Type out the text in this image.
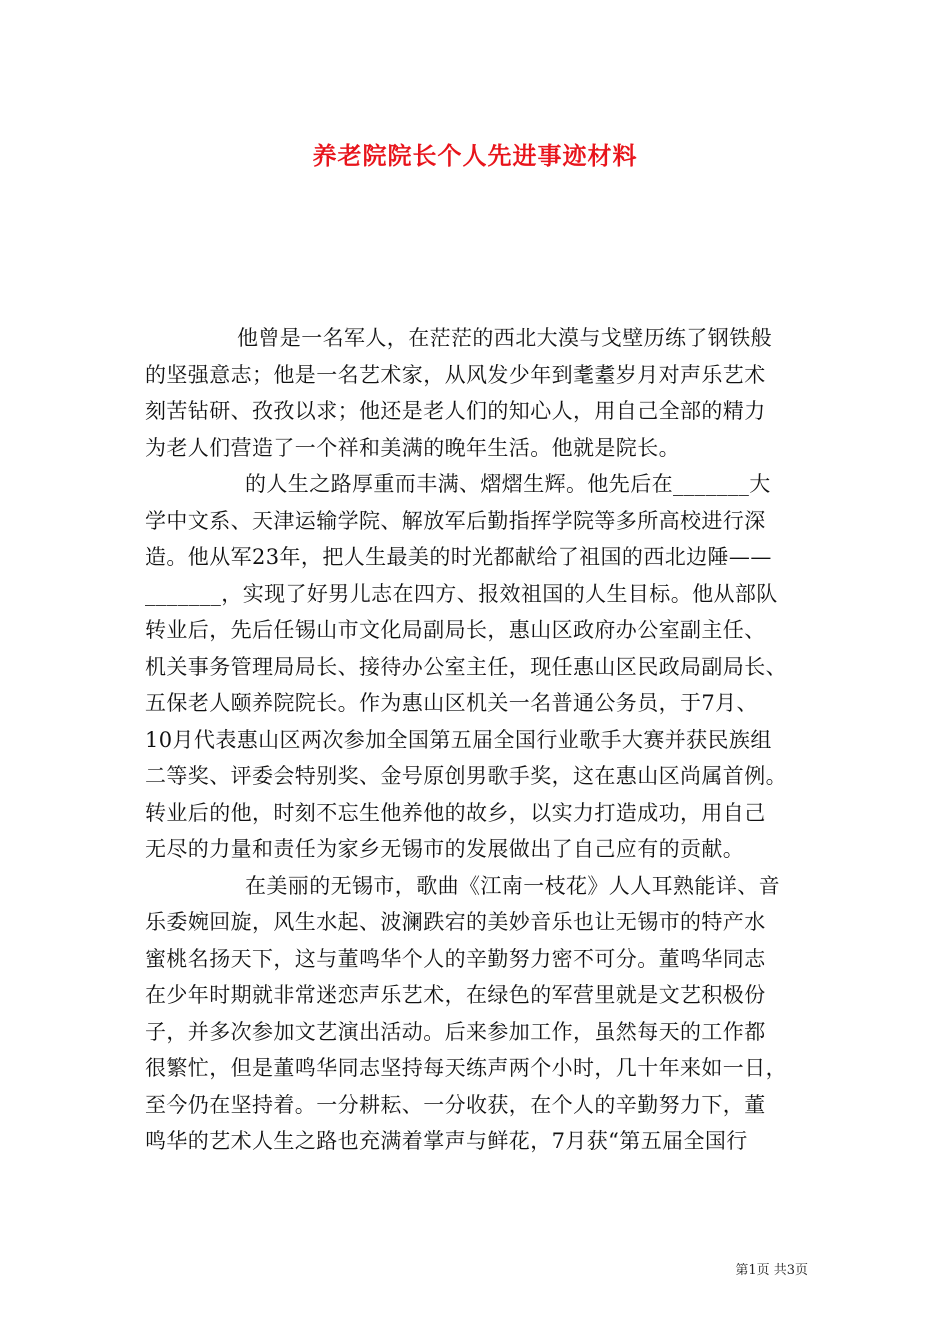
养老院院长个人先进事迹材料
他曾是一名军人，在茫茫的西北大漠与戈壁历练了钢铁般
的坚强意志；他是一名艺术家，从风发少年到耄耋岁月对声乐艺术
刻苦钻研、孜孜以求；他还是老人们的知心人，用自己全部的精力
为老人们营造了一个祥和美满的晚年生活。他就是院长。
的人生之路厚重而丰满、熠熠生辉。他先后在_______大
学中文系、天津运输学院、解放军后勤指挥学院等多所高校进行深
造。他从军23年，把人生最美的时光都献给了祖国的西北边陲——
_______，实现了好男儿志在四方、报效祖国的人生目标。他从部队
转业后，先后任锡山市文化局副局长，惠山区政府办公室副主任、
机关事务管理局局长、接待办公室主任，现任惠山区民政局副局长、
五保老人颐养院院长。作为惠山区机关一名普通公务员，于7月、
10月代表惠山区两次参加全国第五届全国行业歌手大赛并获民族组
二等奖、评委会特别奖、金号原创男歌手奖，这在惠山区尚属首例。
转业后的他，时刻不忘生他养他的故乡，以实力打造成功，用自己
无尽的力量和责任为家乡无锡市的发展做出了自己应有的贡献。
在美丽的无锡市，歌曲《江南一枝花》人人耳熟能详、音
乐委婉回旋，风生水起、波澜跌宕的美妙音乐也让无锡市的特产水
蜜桃名扬天下，这与董鸣华个人的辛勤努力密不可分。董鸣华同志
在少年时期就非常迷恋声乐艺术，在绿色的军营里就是文艺积极份
子，并多次参加文艺演出活动。后来参加工作，虽然每天的工作都
很繁忙，但是董鸣华同志坚持每天练声两个小时，几十年来如一日，
至今仍在坚持着。一分耕耘、一分收获，在个人的辛勤努力下，董
鸣华的艺术人生之路也充满着掌声与鲜花，7月获“第五届全国行
第1页 共3页
